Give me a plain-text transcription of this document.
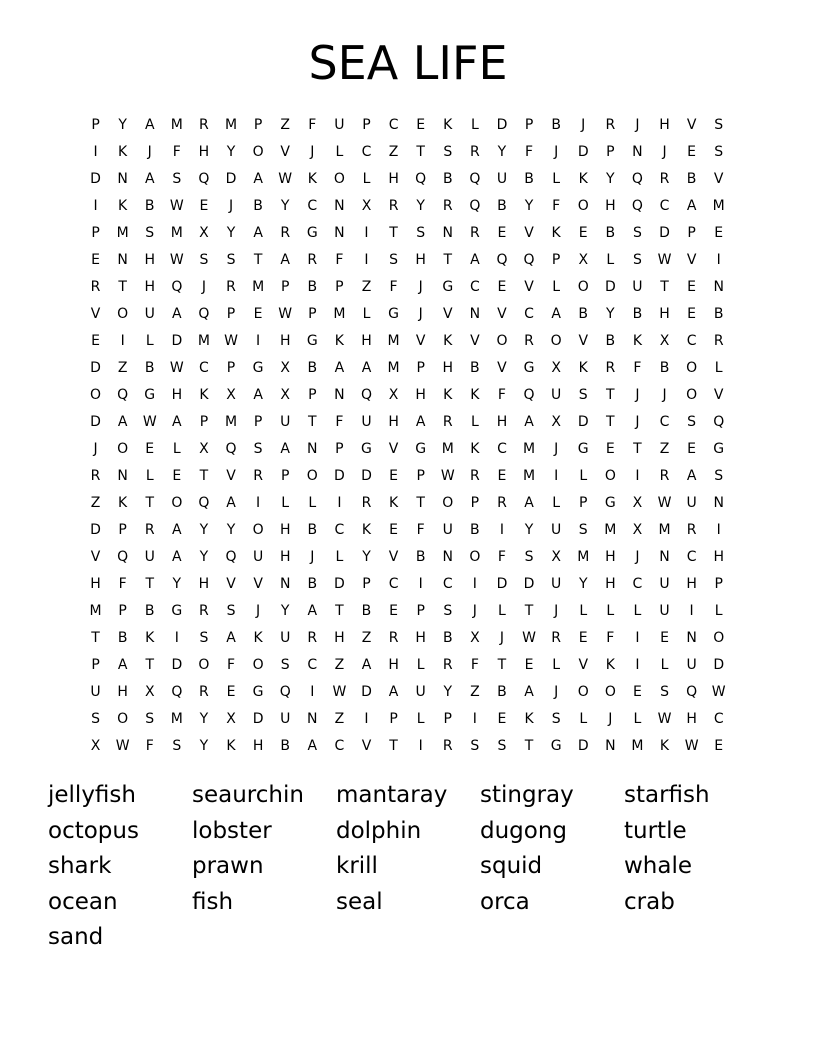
SEA LIFE
P	Y	A	M	R	M	P	Z	F	U	P	C	E	K	L	D	P	B	J	R	J	H	V	S
I	K	J	F	H	Y	O	V	J	L	C	Z	T	S	R	Y	F	J	D	P	N	J	E	S
D	N	A	S	Q	D	A	W	K	O	L	H	Q	B	Q	U	B	L	K	Y	Q	R	B	V
I	K	B	W	E	J	B	Y	C	N	X	R	Y	R	Q	B	Y	F	O	H	Q	C	A	M
P	M	S	M	X	Y	A	R	G	N	I	T	S	N	R	E	V	K	E	B	S	D	P	E
E	N	H	W	S	S	T	A	R	F	I	S	H	T	A	Q	Q	P	X	L	S	W	V	I
R	T	H	Q	J	R	M	P	B	P	Z	F	J	G	C	E	V	L	O	D	U	T	E	N
V	O	U	A	Q	P	E	W	P	M	L	G	J	V	N	V	C	A	B	Y	B	H	E	B
E	I	L	D	M	W	I	H	G	K	H	M	V	K	V	O	R	O	V	B	K	X	C	R
D	Z	B	W	C	P	G	X	B	A	A	M	P	H	B	V	G	X	K	R	F	B	O	L
O	Q	G	H	K	X	A	X	P	N	Q	X	H	K	K	F	Q	U	S	T	J	J	O	V
D	A	W	A	P	M	P	U	T	F	U	H	A	R	L	H	A	X	D	T	J	C	S	Q
J	O	E	L	X	Q	S	A	N	P	G	V	G	M	K	C	M	J	G	E	T	Z	E	G
R	N	L	E	T	V	R	P	O	D	D	E	P	W	R	E	M	I	L	O	I	R	A	S
Z	K	T	O	Q	A	I	L	L	I	R	K	T	O	P	R	A	L	P	G	X	W	U	N
D	P	R	A	Y	Y	O	H	B	C	K	E	F	U	B	I	Y	U	S	M	X	M	R	I
V	Q	U	A	Y	Q	U	H	J	L	Y	V	B	N	O	F	S	X	M	H	J	N	C	H
H	F	T	Y	H	V	V	N	B	D	P	C	I	C	I	D	D	U	Y	H	C	U	H	P
M	P	B	G	R	S	J	Y	A	T	B	E	P	S	J	L	T	J	L	L	L	U	I	L
T	B	K	I	S	A	K	U	R	H	Z	R	H	B	X	J	W	R	E	F	I	E	N	O
P	A	T	D	O	F	O	S	C	Z	A	H	L	R	F	T	E	L	V	K	I	L	U	D
U	H	X	Q	R	E	G	Q	I	W	D	A	U	Y	Z	B	A	J	O	O	E	S	Q	W
S	O	S	M	Y	X	D	U	N	Z	I	P	L	P	I	E	K	S	L	J	L	W	H	C
X	W	F	S	Y	K	H	B	A	C	V	T	I	R	S	S	T	G	D	N	M	K	W	E
jellyfish	seaurchin	mantaray	stingray	starfish
octopus	lobster	dolphin	dugong	turtle
shark	prawn	krill	squid	whale
ocean	fish	seal	orca	crab
sand
